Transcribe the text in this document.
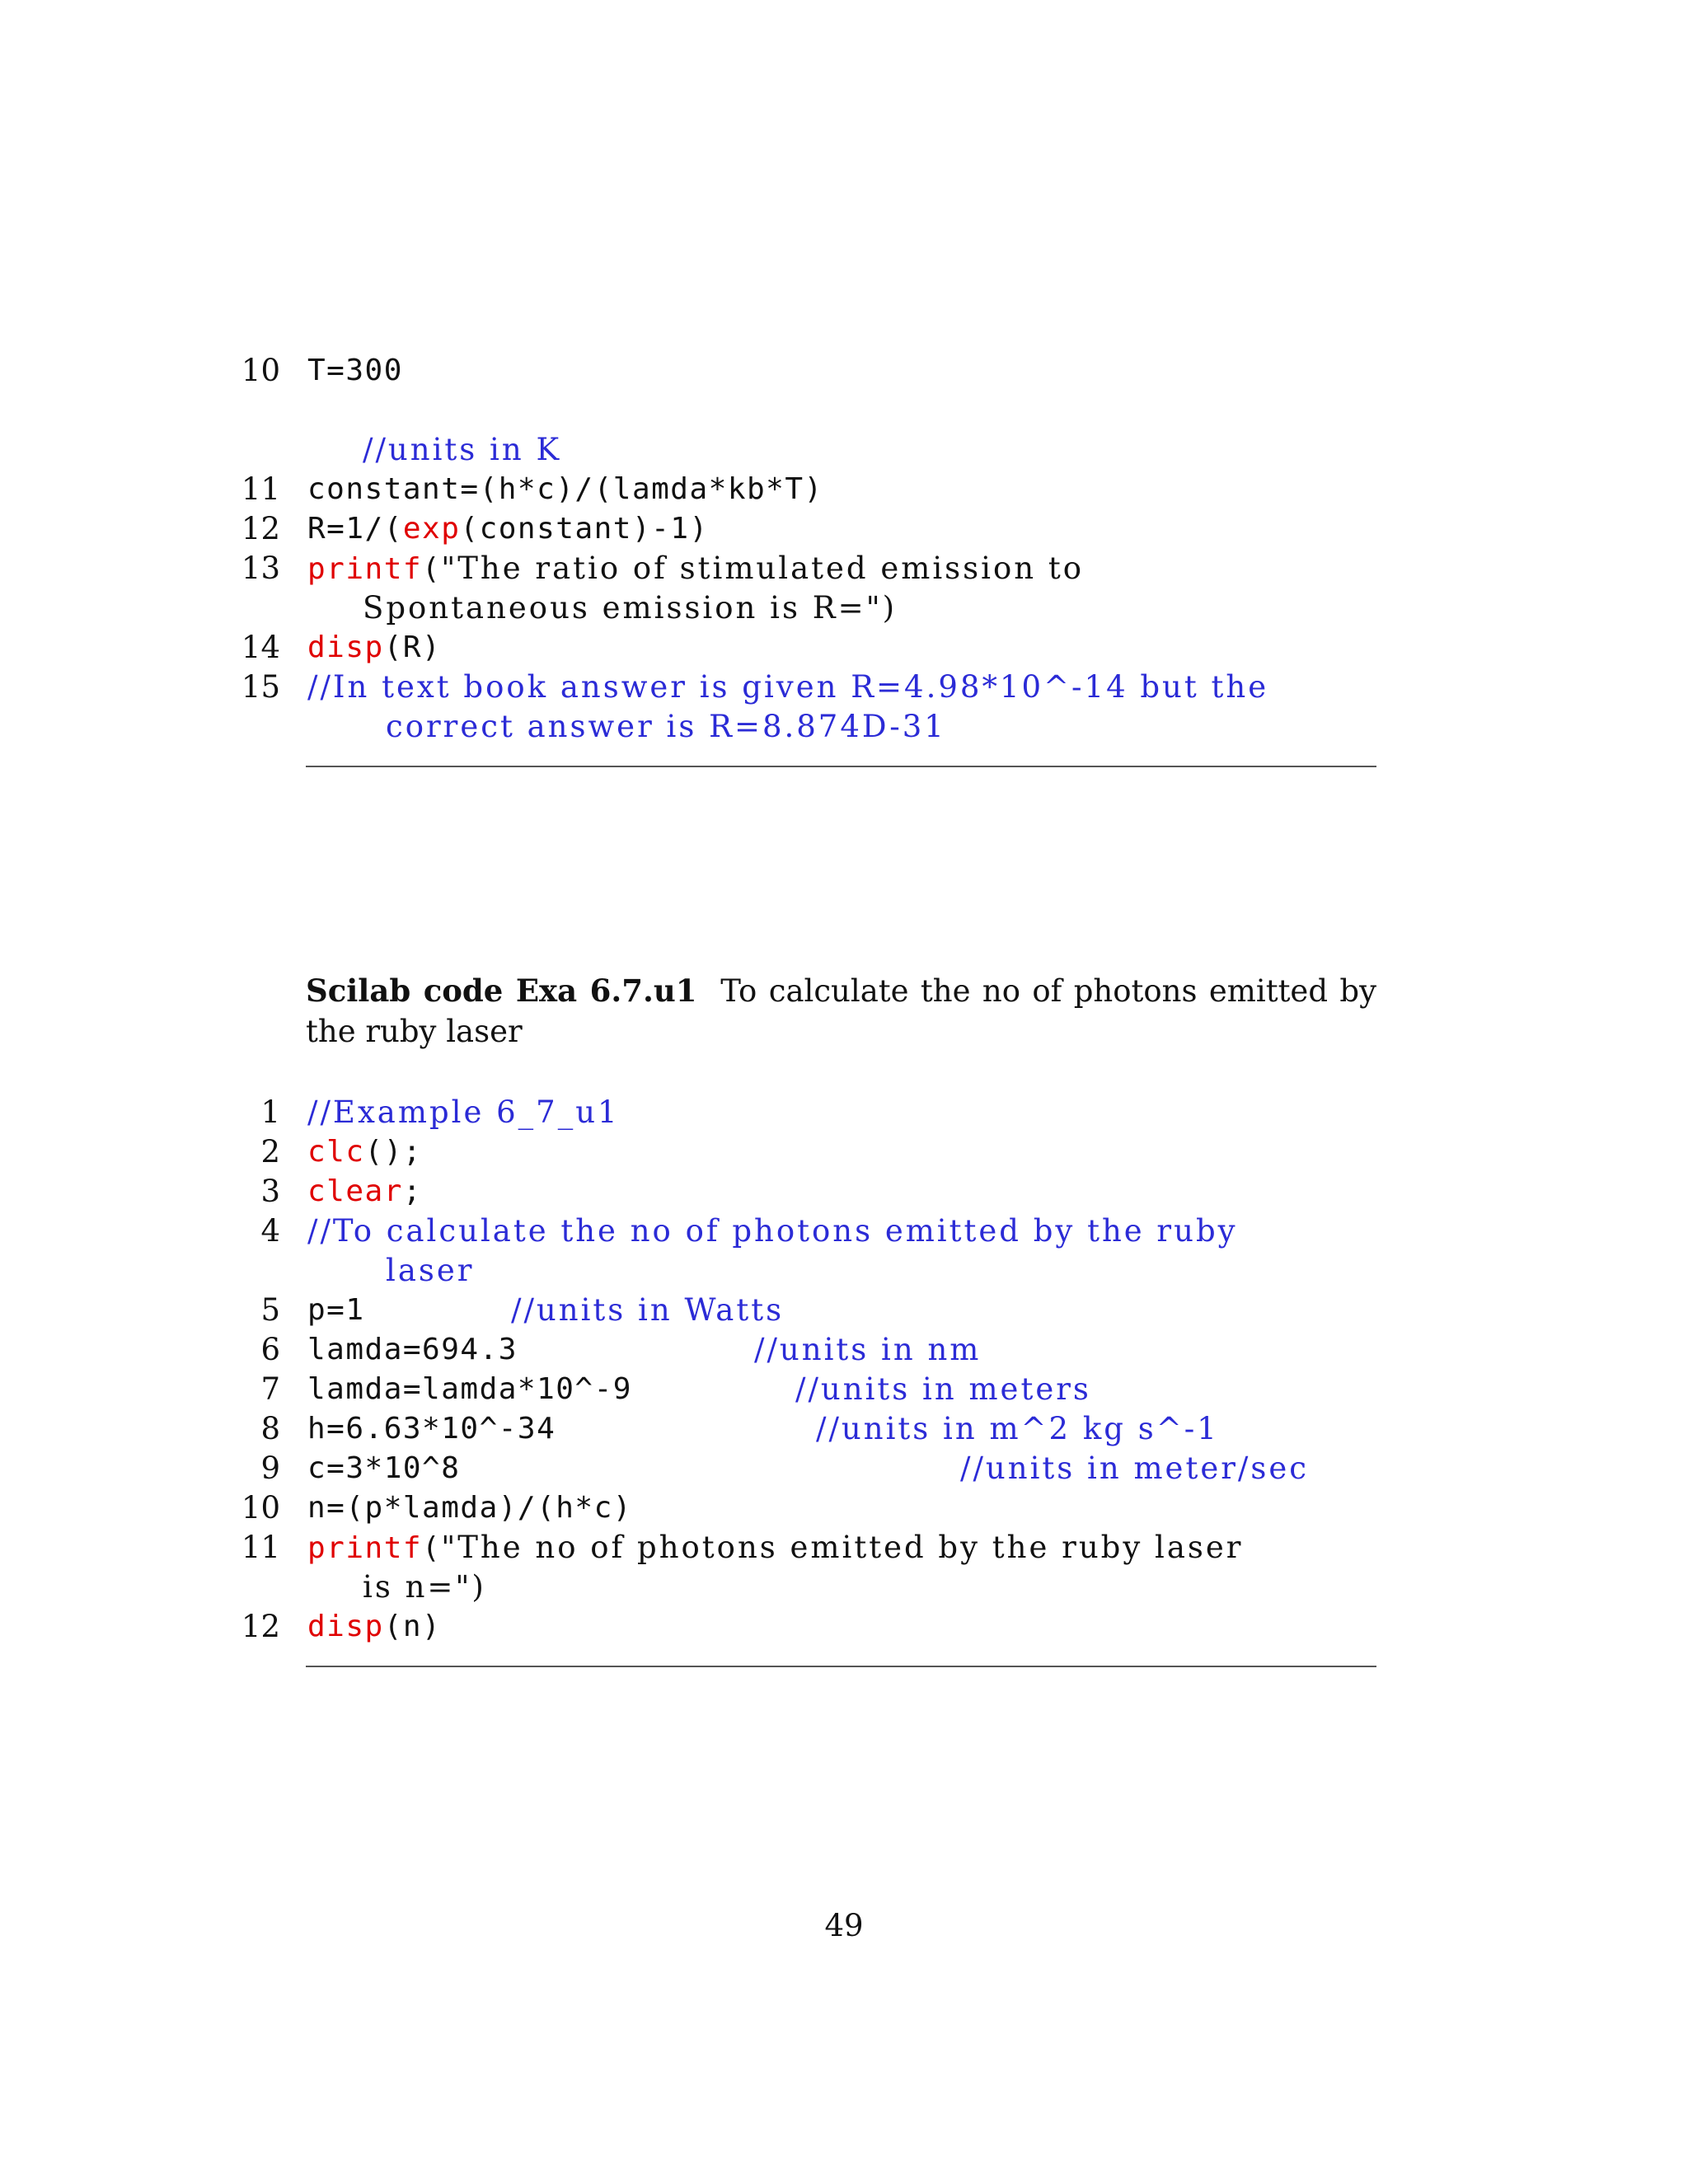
10 T=300
//units in K
11 constant=(h*c)/(lamda*kb*T)
12 R=1/(exp(constant)-1)
13 printf("The ratio of stimulated emission to
Spontaneous emission is R=")
14 disp(R)
15 //In text book answer is given R=4.98*10^-14 but the
correct answer is R=8.874D-31
Scilab code Exa 6.7.u1 To calculate the no of photons emitted by the ruby laser
1 //Example 6_7_u1
2 clc();
3 clear;
4 //To calculate the no of photons emitted by the ruby
laser
5 p=1	//units in Watts
6 lamda=694.3	//units in nm
7 lamda=lamda*10^-9	//units in meters
8 h=6.63*10^-34	//units in m^2 kg s^-1
9 c=3*10^8	//units in meter/sec
10 n=(p*lamda)/(h*c)
11 printf("The no of photons emitted by the ruby laser
is n=")
12 disp(n)
49
